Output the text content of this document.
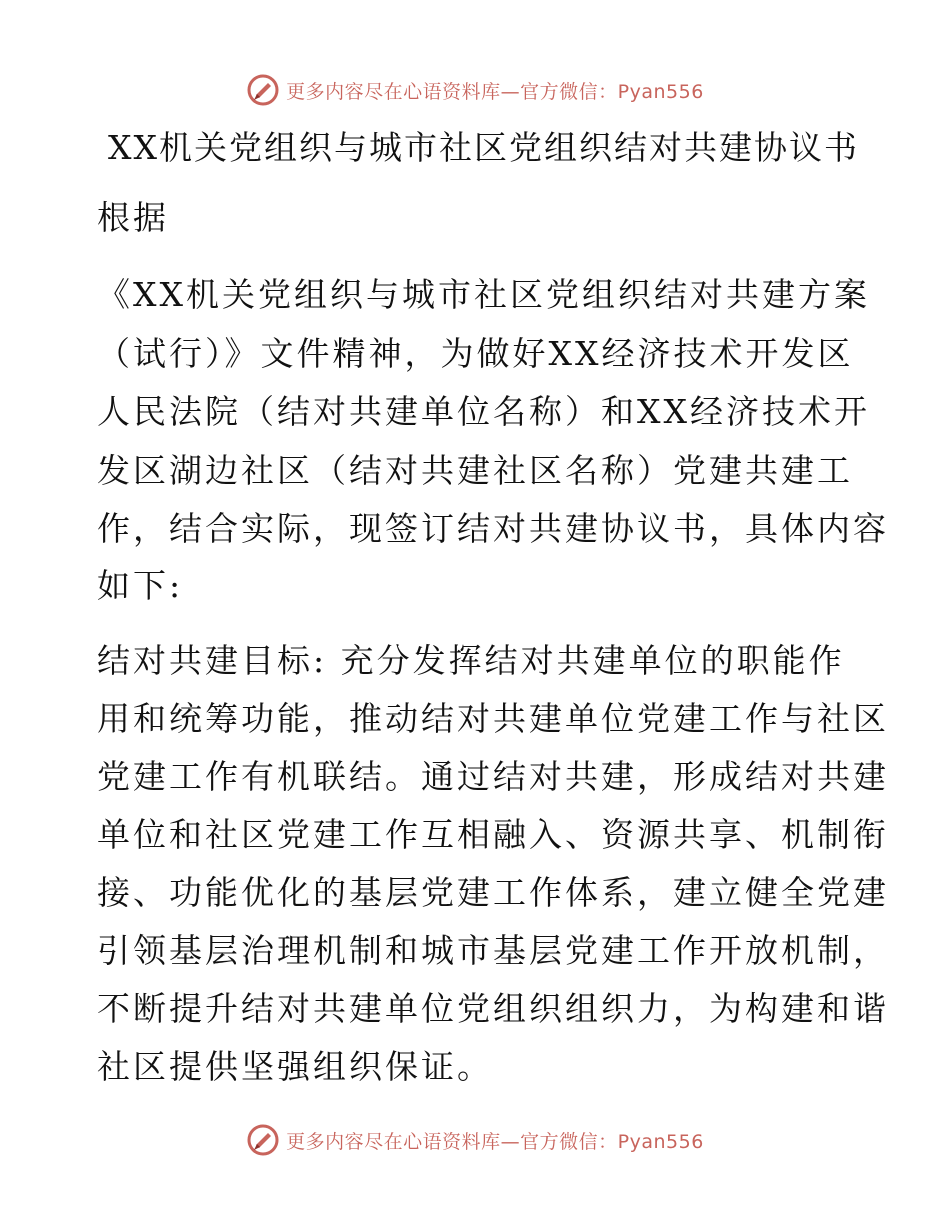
更多内容尽在心语资料库—官方微信：Pyan556
XX机关党组织与城市社区党组织结对共建协议书
根据
《XX机关党组织与城市社区党组织结对共建方案
（试行）》文件精神，为做好XX经济技术开发区
人民法院（结对共建单位名称）和XX经济技术开
发区湖边社区（结对共建社区名称）党建共建工
作，结合实际，现签订结对共建协议书，具体内容
如下:
结对共建目标: 充分发挥结对共建单位的职能作
用和统筹功能，推动结对共建单位党建工作与社区
党建工作有机联结。通过结对共建，形成结对共建
单位和社区党建工作互相融入、资源共享、机制衔
接、功能优化的基层党建工作体系，建立健全党建
引领基层治理机制和城市基层党建工作开放机制，
不断提升结对共建单位党组织组织力，为构建和谐
社区提供坚强组织保证。
更多内容尽在心语资料库—官方微信：Pyan556
